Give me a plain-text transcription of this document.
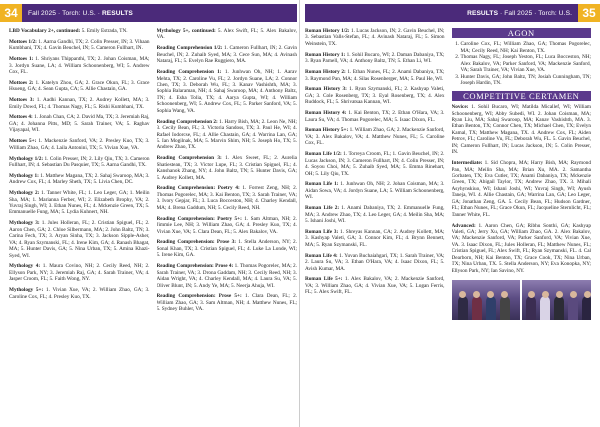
34	Fall 2025 · Torch: U.S. · RESULTS

LBD Vocabulary 2+, continued: 5. Emily Estrada, TN.

Mottoes 1/2: 1. Aarna Gandhi, TX; 2. Colin Presser, IN; 3. Vihaan Kumbhani, TX; 4. Gavin Beuchel, IN; 5. Cameron Fullhart, IN.

Mottoes 1: 1. Shriyans Thippanthi, TX; 2. Johan Coisman, MA; 3. Jordyn Suane, LA; 4. William Schoonenberg, WI; 5. Andrew Cox, FL.

Mottoes 2: 1. Katelyn Zhou, GA; 2. Grace Okun, FL; 3. Grace Hsueng, GA; 4. Sean Gupta, CA; 5. Allie Chastain, GA.

Mottoes 3: 1. Aadhi Kannan, TX; 2. Audrey Kollett, MA; 3. Emily Dowd, FL; 4. Thomas Nagy, FL; 5. Rishi Kumbhani, TX.

Mottoes 4: 1. Jonah Chan, CA; 2. David Ma, TX; 3. Jeremiah Raj, GA; 4. Johanna Pitts, MD; 5. Sarah Trainer, VA; 5. Raghav Vijayapal, WI.

Mottoes 5+: 1. Mackenzie Sanford, VA; 2. Presley Kuo, TX; 3. William Zhao, GA; 4. Laila Antonini, TX; 5. Vivian Xue, VA.

Mythology 1/2: 1. Colin Presser, IN; 2. Lily Qiu, TX; 3. Cameron Fullhart, IN; 4. Sebastian Du Pasquier, TX; 5. Aarna Gandhi, TX.

Mythology 1: 1. Matthew Magana, TX; 2. Sahaj Swaroop, MA; 3. Andrew Cox, FL; 4. Marley Sheth, TX; 5. Livia Chen, DC.

Mythology 2: 1. Tanner White, FL; 1. Leo Leger, GA; 1. Meilin Sha, MA; 1. Marianna Ferber, WI; 2. Elizabeth Brophy, VA; 2. Yuvraj Singh, WI; 3. Ethan Nunes, FL; 4. Mckenzie Green, TX; 5. Emmanuelle Fung, MA; 5. Lydia Kuhnert, NH.

Mythology 3: 1. Jules Holleran, FL; 2. Cristian Spiguel, FL; 2. Aaron Chen, GA; 2. Chloe Silbermann, MA; 2. John Baltz, TN; 3. Carina Fech, TX; 3. Aryan Sinha, TX; 3. Jackson Sipple-Asher, VA; 4. Ryan Szymanski, FL; 4. Irene Kim, GA; 4. Ranash Bhagat, MA; 5. Hunter Davis, GA; 5. Nina Urban, TX; 5. Amina Khazi-Syed, WI.

Mythology 4: 1. Maura Covino, NH; 2. Cecily Reed, NH; 2. Ellyson Park, NY; 3. Jeremiah Raj, GA; 4. Sarah Trainer, VA; 4. Jasper Croom, FL; 5. Faith Wong, NY.

Mythology 5+: 1. Vivian Xue, VA; 2. William Zhao, GA; 3. Caroline Cox, FL; 4. Presley Kuo, TX.

Mythology 5+, continued: 5. Alex Swift, FL; 5. Alex Bakalov, VA.

Reading Comprehension 1/2: 1. Cameron Fullhart, IN; 2. Gavin Beuchel, IN; 2. Zuhaib Syed, MA; 3. Cece Sun, MA; 4. Avinash Nataraj, FL; 5. Evelyn Rae Ruggiero, MA.

Reading Comprehension 1: 1. Junhwan Oh, NH; 1. Aarav Mehta, TX; 2. Caroline Vu, FL; 2. Jordyn Suane, LA; 2. Connor Chen, TX; 3. Deborah Wu, FL; 3. Kanav Vashishth, MA; 3. Sophia Balaraman, NH; 4. Sahaj Swaroop, MA; 4. Anthony Baltz, TN; 4. Esha Tolia, TX; 4. Aarya Gupta, WI; 4. William Schoonenberg, WI; 5. Andrew Cox, FL; 5. Parker Sanford, VA; 5. Sophia Wang, VA.

Reading Comprehension 2: 1. Harry Bish, MA; 2. Leon Ne, NH; 3. Cecily Bean, FL; 3. Victoria Sandoss, TX; 3. Paul He, WI; 4. Rafael Iodorcse, FL; 4. Allie Chastain, GA; 4. Warrina Lan, GA; 5. Ian Mogilnak, MA; 5. Marvin Shim, NH; 5. Joseph Ho, TX; 5. Andrew Zhao, TX.

Reading Comprehension 3: 1. Alex Sweet, FL; 2. Aurelia Shatiestean, TX; 3. Victor Lupe, FL; 3. Cristian Spiguel, FL; 4. Kanshanok Zhang, NY; 4. John Baltz, TN; 5. Hunter Davis, GA; 5. Audrey Kollett, MA.

Reading Comprehension: Poetry 4: 1. Forrest Zeng, NH; 2. Thomas Pogorelec, MA; 3. Kai Benton, TX; 3. Sarah Trainer, VA; 3. Ivory Gepjar, FL; 3. Luca Bocceston, NH; 4. Charley Kendall, MA; 4. Brena Gaddum, NH; 5. Cecily Reed, NH.

Reading Comprehension: Poetry 5+: 1. Sam Altman, NH; 2. Jimmie Lee, NH; 3. William Zhao, GA; 4. Presley Kuo, TX; 4. Vivian Xue, VA; 5. Clara Dean, FL; 5. Alex Bakalov, VA.

Reading Comprehension: Prose 3: 1. Stella Anderson, NY; 2. Sonal Khan, TX; 3. Cristian Spiguel, FL; 4. Luke La Londe, WI; 5. Irene Kim, GA.

Reading Comprehension: Prose 4: 1. Thomas Pogorelec, MA; 2. Sarah Trainer, VA; 3. Drona Gaddam, NH; 3. Cecily Reed, NH; 3. Aidan Wright, VA; 4. Charley Kendall, MA; 4. Laura Su, VA; 5. Oliver Blunt, IN; 5. Andy Ye, MA; 5. Neerja Ahuja, WI.

Reading Comprehension: Prose 5+: 1. Clara Dean, FL; 2. William Zhao, GA; 3. Sam Altman, NH; 4. Matthew Nunes, FL; 5. Sydney Buhler, VA.

RESULTS · Fall 2025 · Torch: U.S. 35

Roman History 1/2: 1. Lucas Jackson, IN; 2. Gavin Beuchel, IN; 3. Sebastian Valls-Stefan, FL; 4. Avinash Nataraj, FL; 5. Simon Weinstein, TX.

Roman History 1: 1. Sohil Bucaro, WI; 2. Daman Dabaniya, TX; 3. Ryan Parnell, VA; 4. Anthony Baltz, TN; 5. Ethan Li, WI.

Roman History 2: 1. Ethan Nunes, FL; 2. Anami Dabaniya, TX; 3. Raymond Pan, MA; 4. Silas Rosenberger, MA; 5. Paul He, WI.

Roman History 3: 1. Ryan Szymanski, FL; 2. Kashyap Valeti, GA; 3. Cole Rosenberg, TX; 3. Eyal Rosenberg, TX; 4. Alex Ruddock, FL; 5. Shrivatsaa Kannan, WI.

Roman History 4: 1. Kai Benton, TX; 2. Ethan O'Hara, VA; 3. Laura Su, VA; 4. Thomas Pogorelec, MA; 5. Isaac Dixon, FL.

Roman History 5+: 1. William Zhao, GA; 2. Mackenzie Sanford, VA; 3. Alex Bakalov, VA; 4. Matthew Nunes, FL; 5. Caroline Cox, FL.

Roman Life 1/2: 1. Torreya Croom, FL; 1. Gavin Beuchel, IN; 2. Lucas Jackson, IN; 3. Cameron Fullhart, IN; 4. Colin Presser, IN; 4. Soyou Choi, MA; 5. Zuhaib Syed, MA; 5. Emma Rinehart, OH; 5. Lily Qiu, TX.

Roman Life 1: 1. Junhwan Oh, NH; 2. Johan Coisman, MA; 3. Aidan Sowa, VA; 4. Jordyn Suane, LA; 5. William Schoonenberg, WI.

Roman Life 2: 1. Anami Dabaniya, TX; 2. Emmanuelle Fung, MA; 3. Andrew Zhao, TX; 4. Leo Leger, GA; 4. Meilin Sha, MA; 5. Ishani Joshi, WI.

Roman Life 3: 1. Shreyas Kannan, CA; 2. Audrey Kollett, MA; 3. Kashyap Valeti, GA; 3. Connor Kim, FL; 4. Brynn Bennett, MA; 5. Ryan Szymanski, FL.

Roman Life 4: 1. Yuvan Buchaiahgari, TX; 1. Sarah Trainer, VA; 2. Laura Su, VA; 3. Ethan O'Hara, VA; 4. Isaac Dixon, FL; 5. Avish Kumar, MA.

Roman Life 5+: 1. Alex Bakalov, VA; 2. Mackenzie Sanford, VA; 3. William Zhao, GA; 4. Vivian Xue, VA; 5. Logan Ferris, FL; 5. Alex Swift, FL.

AGON
1. Caroline Cox, FL; William Zhao, GA; Thomas Pogorelec, MA; Cecily Reed, NH; Kai Benton, TX.
2. Thomas Nagy, FL; Joseph Yeston, FL; Luca Bocceston, NH; Alex Bakalov, VA; Parker Sanford, VA; Mackenzie Sanford, VA; Sarah Trainer, VA; Vivian Xue, VA.
3. Hunter Davis, GA; John Baltz, TN; Josiah Cunningham, TN; Joseph Hardin, TN.
COMPETITIVE CERTAMEN

Novice: 1. Sohil Bucaro, WI; Matilda Micallef, WI; William Schoonenberg, WI; Abby Subedi, WI. 2. Johan Coisman, MA; Ryan Liu, MA; Sahaj Swaroop, MA; Kanav Vashishth, MA. 3. Ethan Benton, TX; Connor Chen, TX; Michael Chen, TX; Evelyn Kamal, TX; Matthew Magana, TX. 4. Andrew Cox, FL; Aiden Petrov, FL; Caroline Vu, FL; Deborah Wu, FL. 5. Gavin Beuchel, IN; Cameron Fullhart, IN; Lucas Jackson, IN; 5. Colin Presser, IN.

Intermediate: 1. Sid Chopra, MA; Harry Bish, MA; Raymond Pan, MA; Meilin Sha, MA; Brian Xu, MA. 2. Samantha Gorbaten, TX; Eva Cutler, TX; Anami Dabaniya, TX; Mckenzie Green, TX; Abigail Taylor, TX; Andrew Zhao, TX. 3. Mihali Asyhynskiuo, WI; Ishani Joshi, WI; Yuvraj Singh, WI; Ayush Taneja, WI. 4. Allie Chastain, GA; Warrina Lan, GA; Leo Leger, GA; Jonathan Zeng, GA. 5. Cecily Bean, FL; Hudson Gardner, FL; Ethan Nunes, FL; Grace Okun, FL; Jacqueline Sternlicht, FL; Tanner White, FL.

Advanced: 1. Aaron Chen, GA; Ribhu Sonthi, GA; Kashyap Valeti, GA; Jerry Xu, GA; William Zhao, GA. 2. Alex Bakalov, VA; Mackenzie Sanford, VA; Parker Sanford, VA; Vivian Xue, VA. 3. Isaac Dixon, FL; Jules Holleran, FL; Matthew Nunes, FL; Cristian Spiguel, FL; Alex Swift, FL; Ryan Szymanski, FL. 4. Cal Dearborn, NH; Kai Benton, TX; Grace Cook, TX; Nina Urban, TX; Nina Urban, TX. 5. Stella Anderson, NY; Eva Konopka, NY; Ellyson Park, NY; Ian Savino, NY.
